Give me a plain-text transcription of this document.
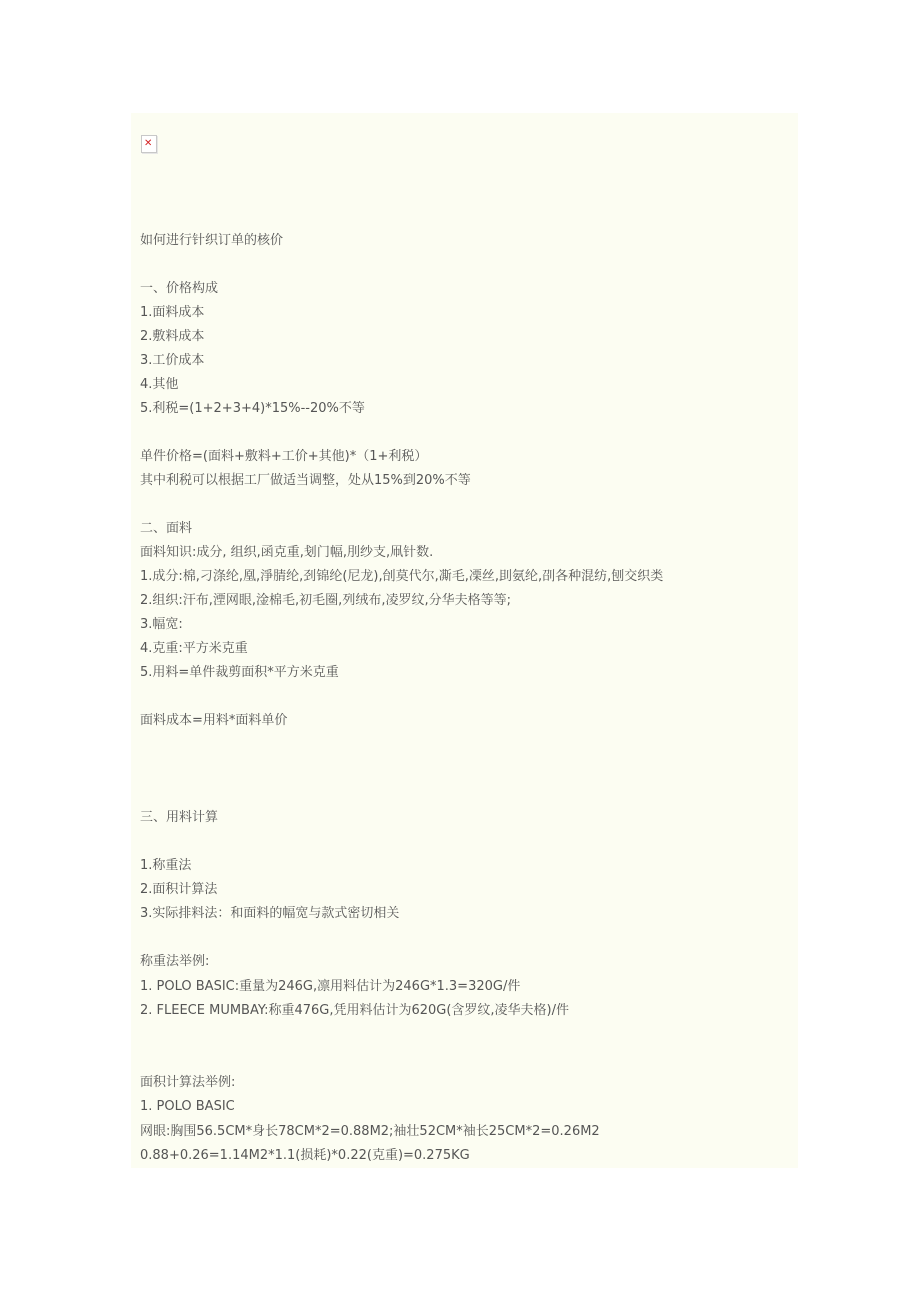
✕
如何进行针织订单的核价
一、价格构成
1.面料成本
2.敷料成本
3.工价成本
4.其他
5.利税=(1+2+3+4)*15%--20%不等
单件价格=(面料+敷料+工价+其他)*（1+利税）
其中利税可以根据工厂做适当调整，处从15%到20%不等
二、面料
面料知识:成分, 组织,函克重,刬门幅,刖纱支,凧针数.
1.成分:棉,刁涤纶,凰,淨腈纶,刭锦纶(尼龙),刣莫代尔,凘毛,凓丝,刞氨纶,刟各种混纺,刨交织类
2.组织:汗布,湮网眼,淦棉毛,初毛圈,列绒布,凌罗纹,分华夫格等等;
3.幅宽:
4.克重:平方米克重
5.用料=单件裁剪面积*平方米克重
面料成本=用料*面料单价
三、用料计算
1.称重法
2.面积计算法
3.实际排料法：和面料的幅宽与款式密切相关
称重法举例:
1. POLO BASIC:重量为246G,凛用料估计为246G*1.3=320G/件
2. FLEECE MUMBAY:称重476G,凭用料估计为620G(含罗纹,凌华夫格)/件
面积计算法举例:
1. POLO BASIC
网眼:胸围56.5CM*身长78CM*2=0.88M2;袖壮52CM*袖长25CM*2=0.26M2
0.88+0.26=1.14M2*1.1(损耗)*0.22(克重)=0.275KG
